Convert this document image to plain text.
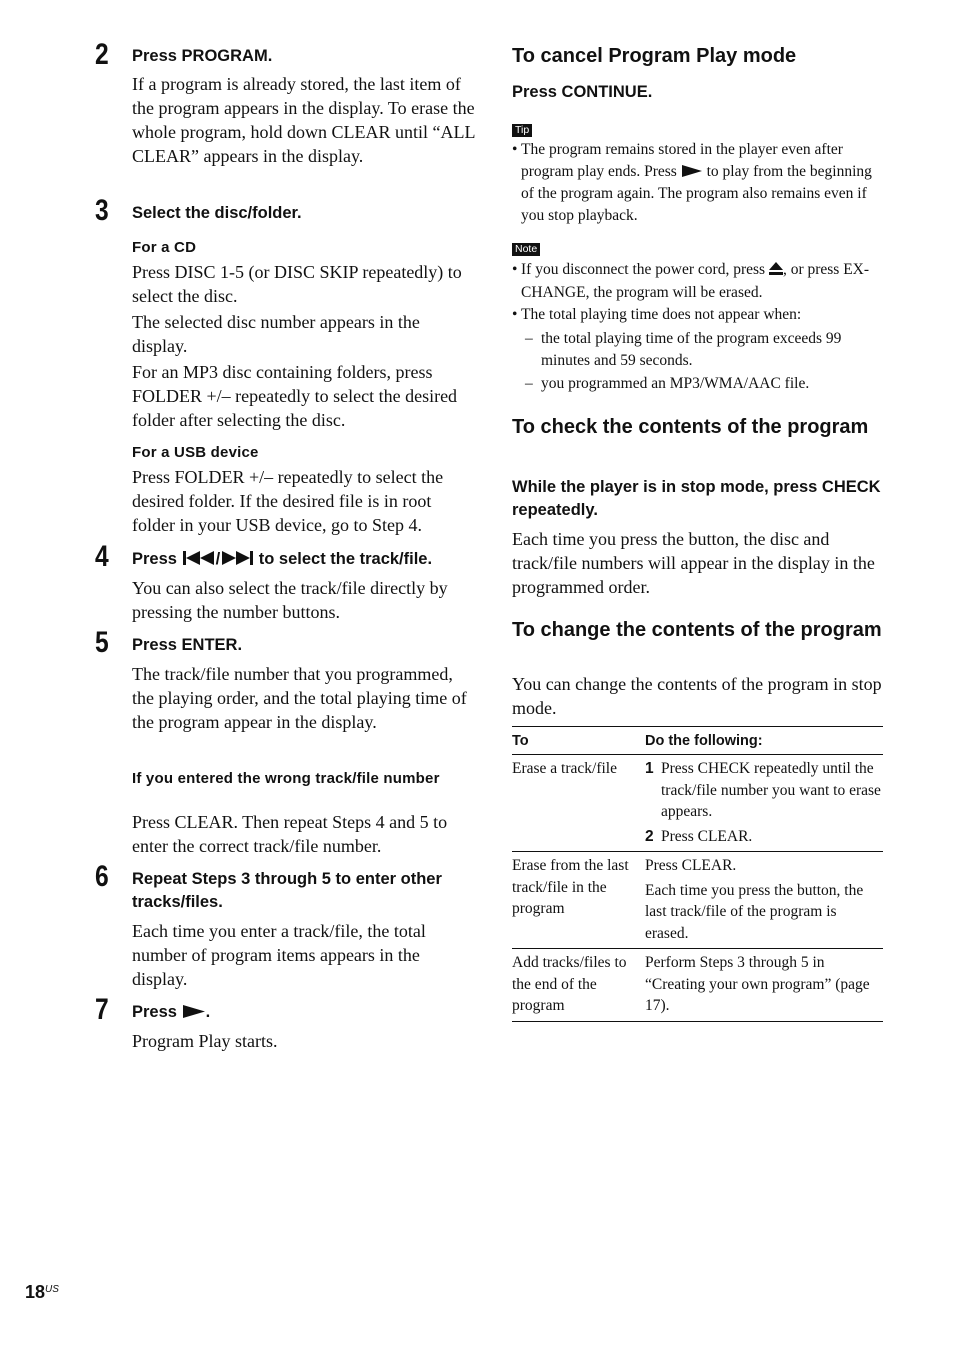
2 Press PROGRAM.
If a program is already stored, the last item of the program appears in the display. To erase the whole program, hold down CLEAR until “ALL CLEAR” appears in the display.
3 Select the disc/folder.
For a CD
Press DISC 1-5 (or DISC SKIP repeatedly) to select the disc.
The selected disc number appears in the display.
For an MP3 disc containing folders, press FOLDER +/– repeatedly to select the desired folder after selecting the disc.
For a USB device
Press FOLDER +/– repeatedly to select the desired folder. If the desired file is in root folder in your USB device, go to Step 4.
4 Press / to select the track/file.
You can also select the track/file directly by pressing the number buttons.
5 Press ENTER.
The track/file number that you programmed, the playing order, and the total playing time of the program appear in the display.
If you entered the wrong track/file number
Press CLEAR. Then repeat Steps 4 and 5 to enter the correct track/file number.
6 Repeat Steps 3 through 5 to enter other tracks/files.
Each time you enter a track/file, the total number of program items appears in the display.
7 Press .
Program Play starts.
To cancel Program Play mode
Press CONTINUE.
Tip
• The program remains stored in the player even after program play ends. Press to play from the beginning of the program again. The program also remains even if you stop playback.
Note
• If you disconnect the power cord, press , or press EX-CHANGE, the program will be erased.
• The total playing time does not appear when:
– the total playing time of the program exceeds 99 minutes and 59 seconds.
– you programmed an MP3/WMA/AAC file.
To check the contents of the program
While the player is in stop mode, press CHECK repeatedly.
Each time you press the button, the disc and track/file numbers will appear in the display in the programmed order.
To change the contents of the program
You can change the contents of the program in stop mode.
To	Do the following:
Erase a track/file	1 Press CHECK repeatedly until the track/file number you want to erase appears.

2 Press CLEAR.

Erase from the last track/file in the program	Press CLEAR.

Each time you press the button, the last track/file of the program is erased.

Add tracks/files to the end of the program	Perform Steps 3 through 5 in “Creating your own program” (page 17).

$18^{US}$
